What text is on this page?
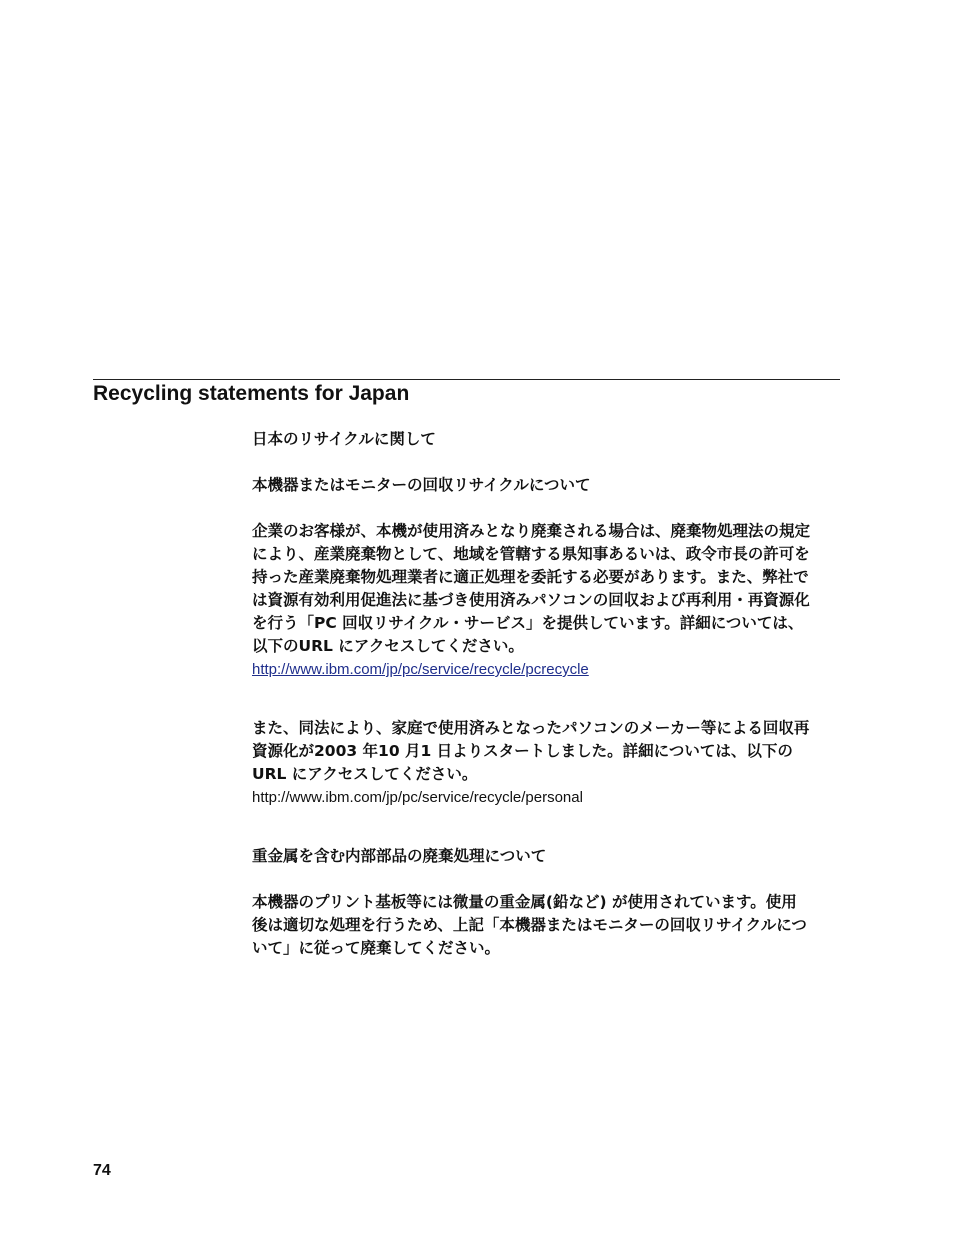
Recycling statements for Japan

日本のリサイクルに関して

本機器またはモニターの回収リサイクルについて

企業のお客様が、本機が使用済みとなり廃棄される場合は、廃棄物処理法の規定

により、産業廃棄物として、地域を管轄する県知事あるいは、政令市長の許可を

持った産業廃棄物処理業者に適正処理を委託する必要があります。また、弊社で

は資源有効利用促進法に基づき使用済みパソコンの回収および再利用・再資源化

を行う「PC 回収リサイクル・サービス」を提供しています。詳細については、

以下のURL にアクセスしてください。

http://www.ibm.com/jp/pc/service/recycle/pcrecycle

また、同法により、家庭で使用済みとなったパソコンのメーカー等による回収再

資源化が2003 年10 月1 日よりスタートしました。詳細については、以下の

URL にアクセスしてください。

http://www.ibm.com/jp/pc/service/recycle/personal

重金属を含む内部部品の廃棄処理について

本機器のプリント基板等には微量の重金属(鉛など) が使用されています。使用

後は適切な処理を行うため、上記「本機器またはモニターの回収リサイクルにつ

いて」に従って廃棄してください。

74
